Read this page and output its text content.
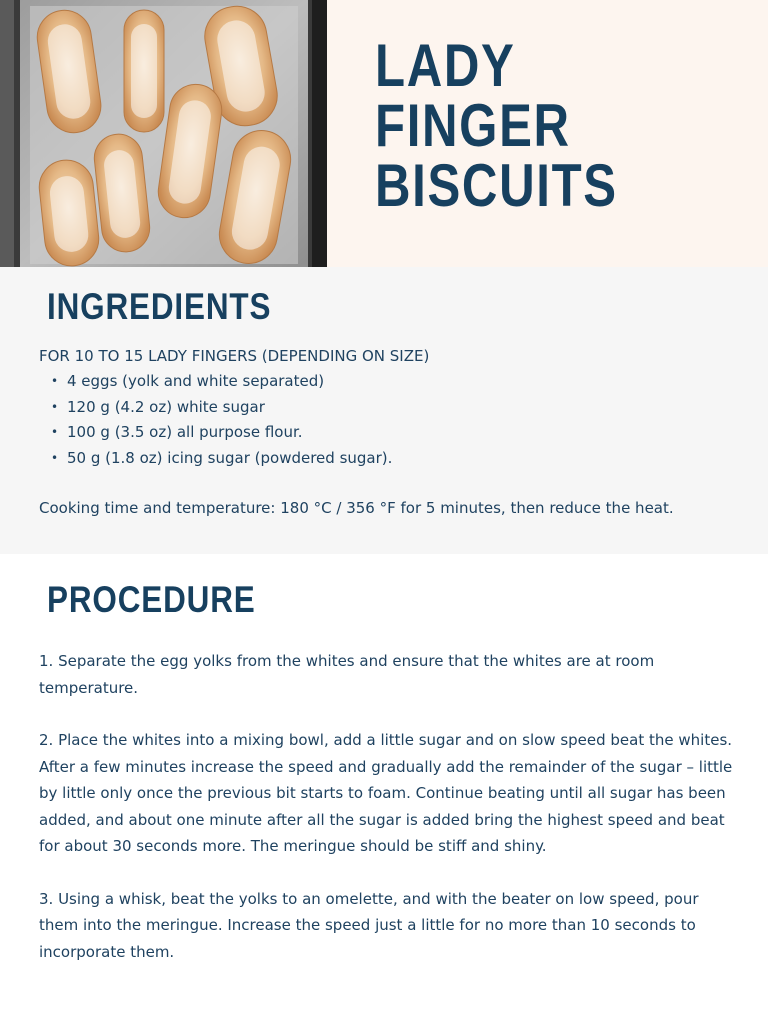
LADY
FINGER
BISCUITS
INGREDIENTS

FOR 10 TO 15 LADY FINGERS (DEPENDING ON SIZE)

• 4 eggs (yolk and white separated)
• 120 g (4.2 oz) white sugar
• 100 g (3.5 oz) all purpose flour.
• 50 g (1.8 oz) icing sugar (powdered sugar).

Cooking time and temperature: 180 °C / 356 °F for 5 minutes, then reduce the heat.

PROCEDURE

1. Separate the egg yolks from the whites and ensure that the whites are at room temperature.

2. Place the whites into a mixing bowl, add a little sugar and on slow speed beat the whites. After a few minutes increase the speed and gradually add the remainder of the sugar – little by little only once the previous bit starts to foam. Continue beating until all sugar has been added, and about one minute after all the sugar is added bring the highest speed and beat for about 30 seconds more. The meringue should be stiff and shiny.

3. Using a whisk, beat the yolks to an omelette, and with the beater on low speed, pour them into the meringue. Increase the speed just a little for no more than 10 seconds to incorporate them.
